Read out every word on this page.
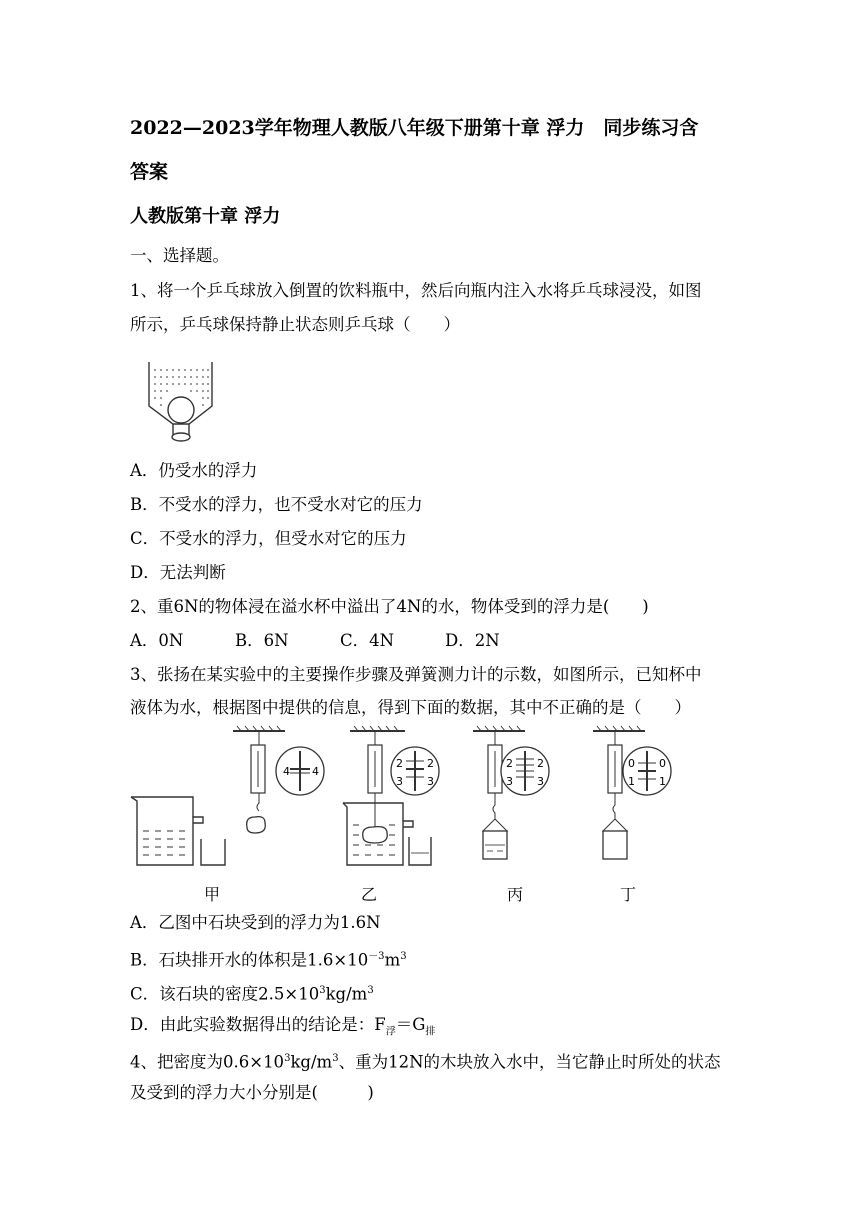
2022—2023学年物理人教版八年级下册第十章 浮力　同步练习含
答案
人教版第十章 浮力
一、选择题。
1、将一个乒乓球放入倒置的饮料瓶中，然后向瓶内注入水将乒乓球浸没，如图
所示，乒乓球保持静止状态则乒乓球（　　）
A．仍受水的浮力
B．不受水的浮力，也不受水对它的压力
C．不受水的浮力，但受水对它的压力
D．无法判断
2、重6N的物体浸在溢水杯中溢出了4N的水，物体受到的浮力是(　　)
A．0N	B．6N	C．4N	D．2N
3、张扬在某实验中的主要操作步骤及弹簧测力计的示数，如图所示，已知杯中
液体为水，根据图中提供的信息，得到下面的数据，其中不正确的是（　　）
4 4
2
3
2
3
2
3
2
3
0
1
0
1
甲	乙	丙	丁
A．乙图中石块受到的浮力为1.6N
B．石块排开水的体积是$1.6\times 10^{-3}m^3$
C．该石块的密度$2.5\times 10^3kg/m^3$
D．由此实验数据得出的结论是：$F_浮=G_排$
4、把密度为$0.6\times 10^3kg/m^3$、重为12N的木块放入水中，当它静止时所处的状态
及受到的浮力大小分别是(　　　)
